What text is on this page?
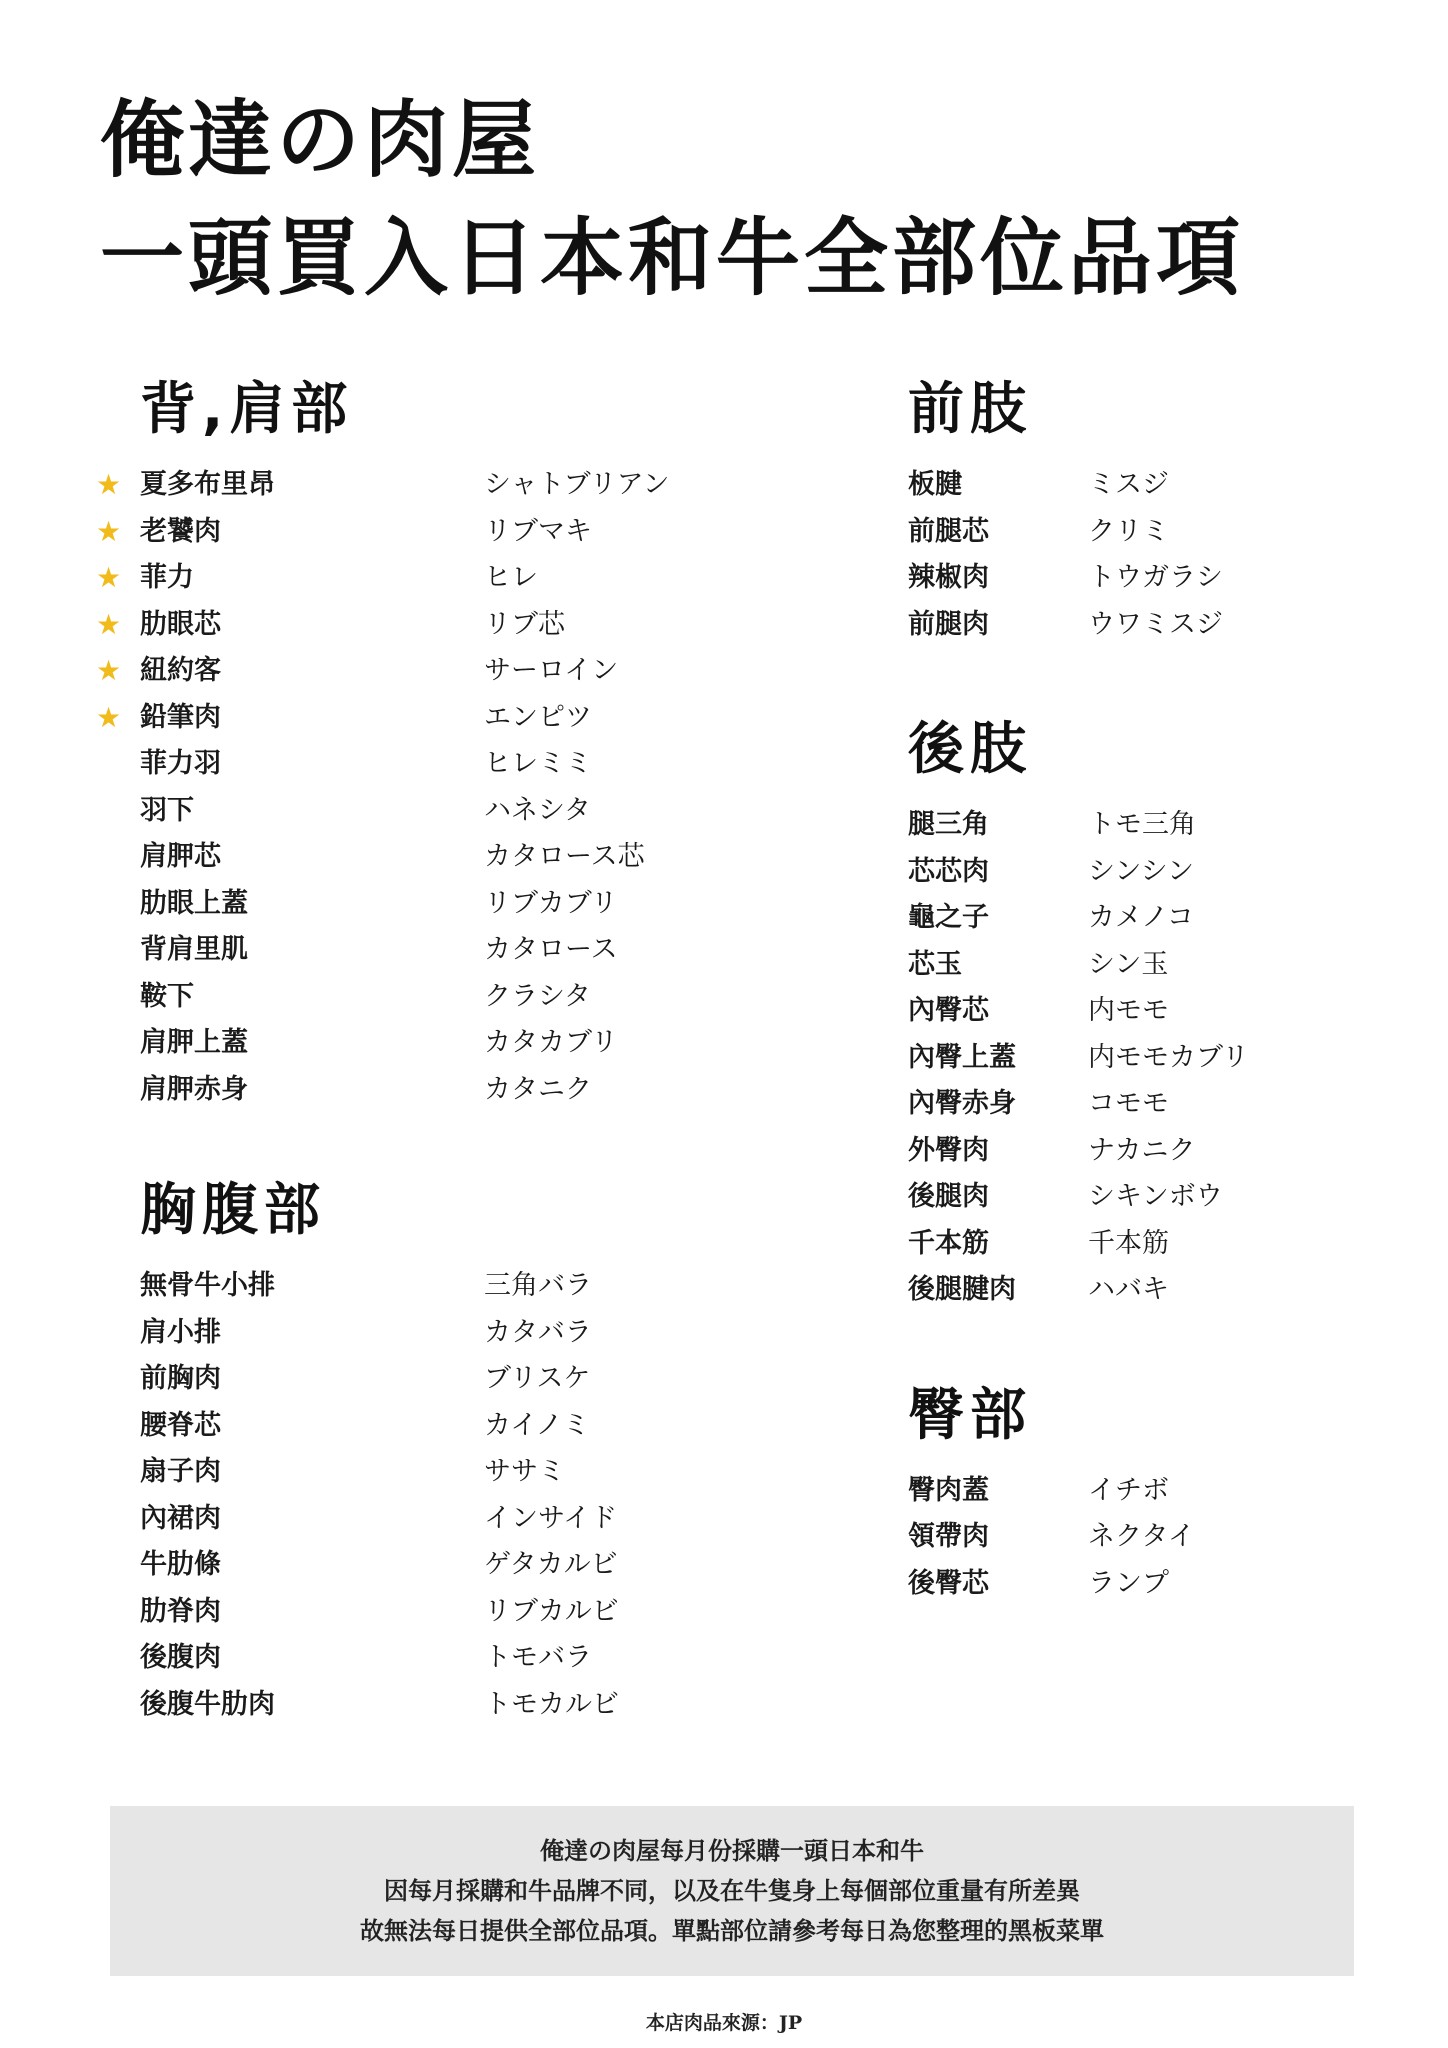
俺達の肉屋
一頭買入日本和牛全部位品項
背,肩部
★ 夏多布里昂	シャトブリアン
★ 老饕肉	リブマキ
★ 菲力	ヒレ
★ 肋眼芯	リブ芯
★ 紐約客	サーロイン
★ 鉛筆肉	エンピツ
菲力羽	ヒレミミ
羽下	ハネシタ
肩胛芯	カタロース芯
肋眼上蓋	リブカブリ
背肩里肌	カタロース
鞍下	クラシタ
肩胛上蓋	カタカブリ
肩胛赤身	カタニク
胸腹部
無骨牛小排	三角バラ
肩小排	カタバラ
前胸肉	ブリスケ
腰脊芯	カイノミ
扇子肉	ササミ
內裙肉	インサイド
牛肋條	ゲタカルビ
肋脊肉	リブカルビ
後腹肉	トモバラ
後腹牛肋肉	トモカルビ
前肢
板腱	ミスジ
前腿芯	クリミ
辣椒肉	トウガラシ
前腿肉	ウワミスジ
後肢
腿三角	トモ三角
芯芯肉	シンシン
龜之子	カメノコ
芯玉	シン玉
內臀芯	内モモ
內臀上蓋	内モモカブリ
內臀赤身	コモモ
外臀肉	ナカニク
後腿肉	シキンボウ
千本筋	千本筋
後腿腱肉	ハバキ
臀部
臀肉蓋	イチボ
領帶肉	ネクタイ
後臀芯	ランプ

俺達の肉屋每月份採購一頭日本和牛

因每月採購和牛品牌不同，以及在牛隻身上每個部位重量有所差異

故無法每日提供全部位品項。單點部位請參考每日為您整理的黑板菜單

本店肉品來源：JP
